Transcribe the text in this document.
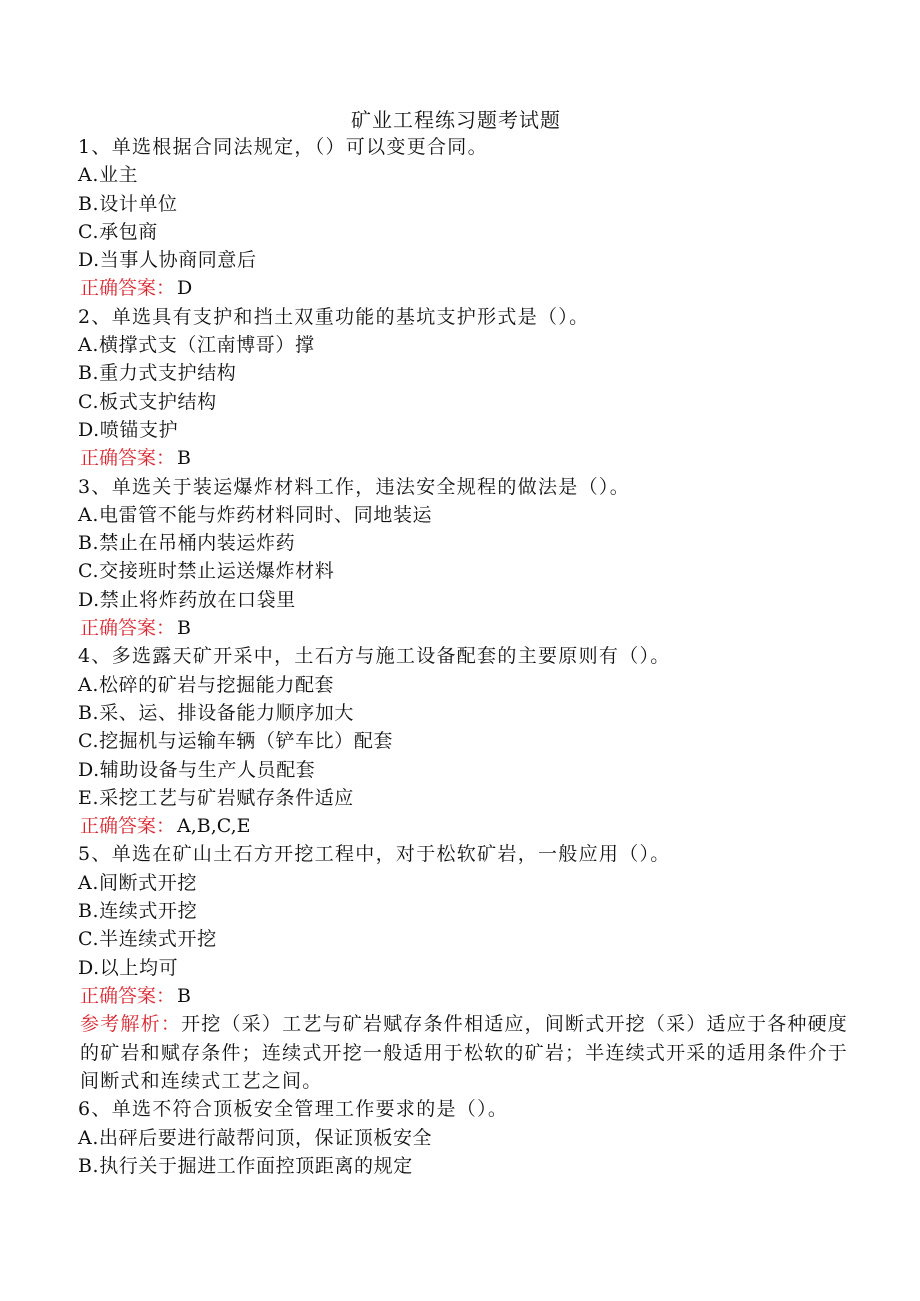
矿业工程练习题考试题
1、单选根据合同法规定，（）可以变更合同。
A.业主
B.设计单位
C.承包商
D.当事人协商同意后
正确答案： D
2、单选具有支护和挡土双重功能的基坑支护形式是（）。
A.横撑式支（江南博哥）撑
B.重力式支护结构
C.板式支护结构
D.喷锚支护
正确答案： B
3、单选关于装运爆炸材料工作，违法安全规程的做法是（）。
A.电雷管不能与炸药材料同时、同地装运
B.禁止在吊桶内装运炸药
C.交接班时禁止运送爆炸材料
D.禁止将炸药放在口袋里
正确答案： B
4、多选露天矿开采中，土石方与施工设备配套的主要原则有（）。
A.松碎的矿岩与挖掘能力配套
B.采、运、排设备能力顺序加大
C.挖掘机与运输车辆（铲车比）配套
D.辅助设备与生产人员配套
E.采挖工艺与矿岩赋存条件适应
正确答案： A,B,C,E
5、单选在矿山土石方开挖工程中，对于松软矿岩，一般应用（）。
A.间断式开挖
B.连续式开挖
C.半连续式开挖
D.以上均可
正确答案： B
参考解析：开挖（采）工艺与矿岩赋存条件相适应，间断式开挖（采）适应于各种硬度的矿岩和赋存条件；连续式开挖一般适用于松软的矿岩；半连续式开采的适用条件介于间断式和连续式工艺之间。
6、单选不符合顶板安全管理工作要求的是（）。
A.出砰后要进行敲帮问顶，保证顶板安全
B.执行关于掘进工作面控顶距离的规定
